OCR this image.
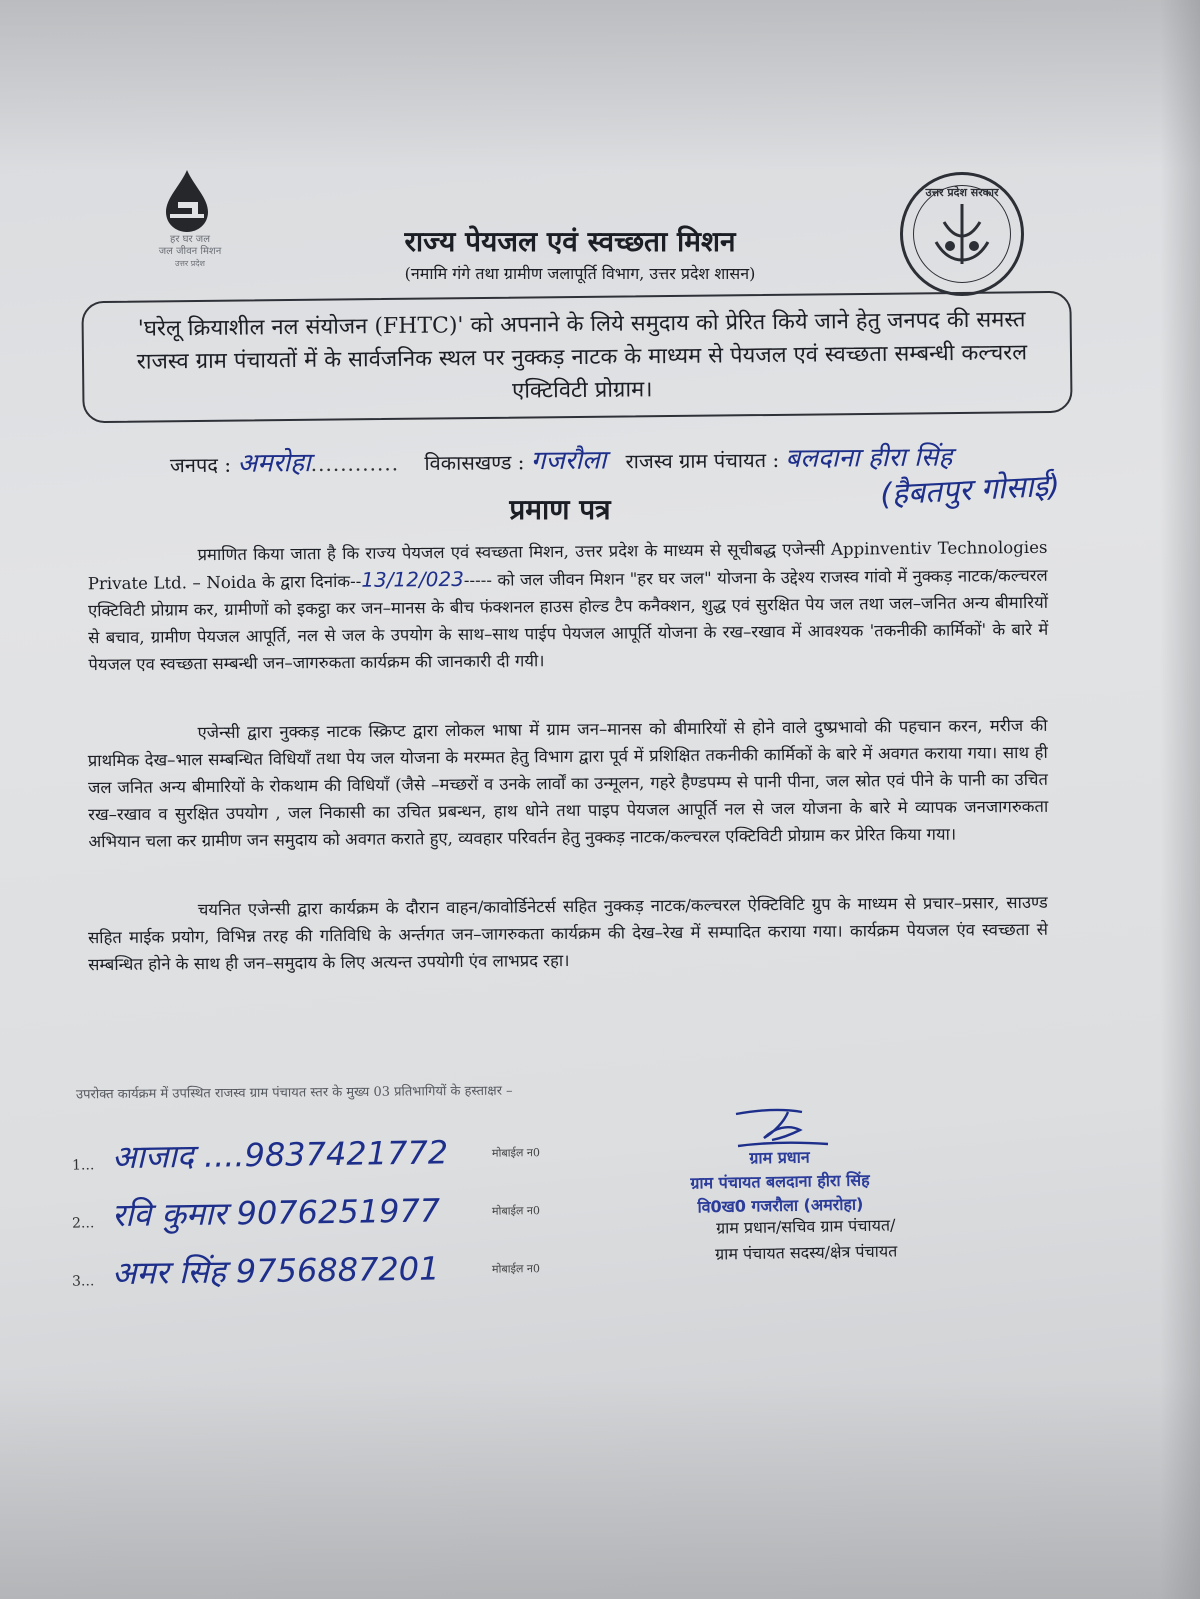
हर घर जल
जल जीवन मिशन
उत्तर प्रदेश
राज्य पेयजल एवं स्वच्छता मिशन
(नमामि गंगे तथा ग्रामीण जलापूर्ति विभाग, उत्तर प्रदेश शासन)
उत्तर प्रदेश सरकार
'घरेलू क्रियाशील नल संयोजन (FHTC)' को अपनाने के लिये समुदाय को प्रेरित किये जाने हेतु जनपद की समस्त राजस्व ग्राम पंचायतों में के सार्वजनिक स्थल पर नुक्कड़ नाटक के माध्यम से पेयजल एवं स्वच्छता सम्बन्धी कल्चरल एक्टिविटी प्रोग्राम।
जनपद : अमरोहा............ विकासखण्ड : गजरौला राजस्व ग्राम पंचायत : बलदाना हीरा सिंह
(हैबतपुर गोसाई)
प्रमाण पत्र
प्रमाणित किया जाता है कि राज्य पेयजल एवं स्वच्छता मिशन, उत्तर प्रदेश के माध्यम से सूचीबद्ध एजेन्सी Appinventiv Technologies Private Ltd. – Noida के द्वारा दिनांक--13/12/023----- को जल जीवन मिशन "हर घर जल" योजना के उद्देश्य राजस्व गांवो में नुक्कड़ नाटक/कल्चरल एक्टिविटी प्रोग्राम कर, ग्रामीणों को इकट्ठा कर जन–मानस के बीच फंक्शनल हाउस होल्ड टैप कनैक्शन, शुद्ध एवं सुरक्षित पेय जल तथा जल–जनित अन्य बीमारियों से बचाव, ग्रामीण पेयजल आपूर्ति, नल से जल के उपयोग के साथ–साथ पाईप पेयजल आपूर्ति योजना के रख–रखाव में आवश्यक 'तकनीकी कार्मिकों' के बारे में पेयजल एव स्वच्छता सम्बन्धी जन–जागरुकता कार्यक्रम की जानकारी दी गयी।
एजेन्सी द्वारा नुक्कड़ नाटक स्क्रिप्ट द्वारा लोकल भाषा में ग्राम जन–मानस को बीमारियों से होने वाले दुष्प्रभावो की पहचान करन, मरीज की प्राथमिक देख–भाल सम्बन्धित विधियाँ तथा पेय जल योजना के मरम्मत हेतु विभाग द्वारा पूर्व में प्रशिक्षित तकनीकी कार्मिकों के बारे में अवगत कराया गया। साथ ही जल जनित अन्य बीमारियों के रोकथाम की विधियाँ (जैसे –मच्छरों व उनके लार्वों का उन्मूलन, गहरे हैण्डपम्प से पानी पीना, जल स्रोत एवं पीने के पानी का उचित रख–रखाव व सुरक्षित उपयोग , जल निकासी का उचित प्रबन्धन, हाथ धोने तथा पाइप पेयजल आपूर्ति नल से जल योजना के बारे मे व्यापक जनजागरुकता अभियान चला कर ग्रामीण जन समुदाय को अवगत कराते हुए, व्यवहार परिवर्तन हेतु नुक्कड़ नाटक/कल्चरल एक्टिविटी प्रोग्राम कर प्रेरित किया गया।
चयनित एजेन्सी द्वारा कार्यक्रम के दौरान वाहन/कावोर्डिनेटर्स सहित नुक्कड़ नाटक/कल्चरल ऐक्टिविटि ग्रुप के माध्यम से प्रचार–प्रसार, साउण्ड सहित माईक प्रयोग, विभिन्न तरह की गतिविधि के अर्न्तगत जन–जागरुकता कार्यक्रम की देख–रेख में सम्पादित कराया गया। कार्यक्रम पेयजल एंव स्वच्छता से सम्बन्धित होने के साथ ही जन–समुदाय के लिए अत्यन्त उपयोगी एंव लाभप्रद रहा।
उपरोक्त कार्यक्रम में उपस्थित राजस्व ग्राम पंचायत स्तर के मुख्य 03 प्रतिभागियों के हस्ताक्षर –
1... आजाद ....9837421772	मोबाईल न0
2... रवि कुमार 9076251977	मोबाईल न0
3... अमर सिंह 9756887201	मोबाईल न0
ग्राम प्रधान
ग्राम पंचायत बलदाना हीरा सिंह
वि0ख0 गजरौला (अमरोहा)
ग्राम प्रधान/सचिव ग्राम पंचायत/
ग्राम पंचायत सदस्य/क्षेत्र पंचायत
